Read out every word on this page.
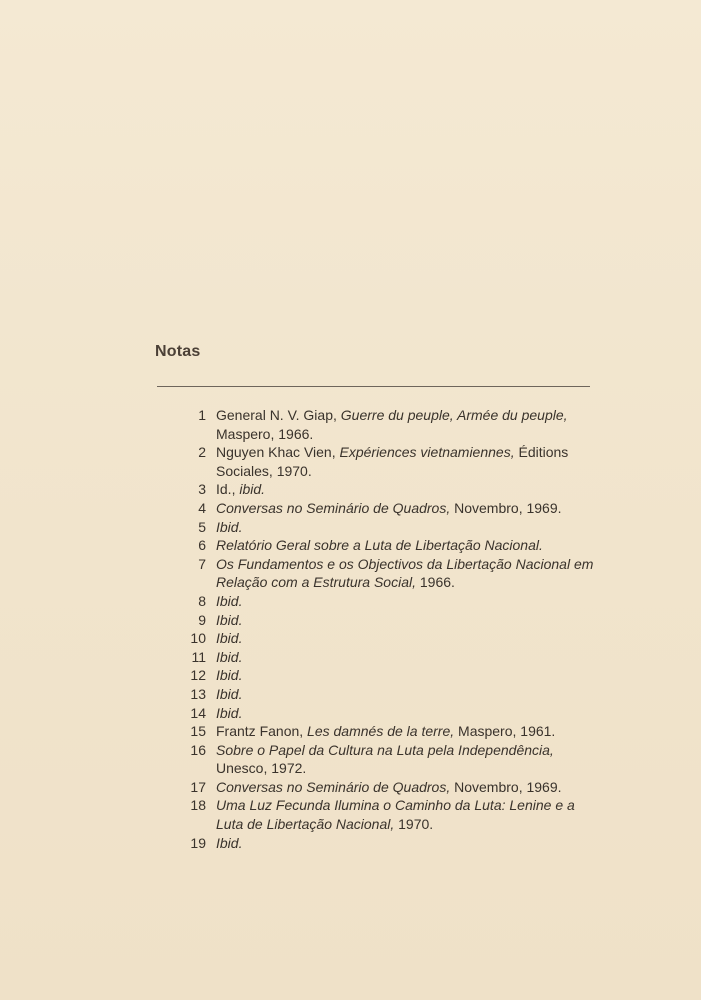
Notas
1 General N. V. Giap, Guerre du peuple, Armée du peuple, Maspero, 1966.
2 Nguyen Khac Vien, Expériences vietnamiennes, Éditions Sociales, 1970.
3 Id., ibid.
4 Conversas no Seminário de Quadros, Novembro, 1969.
5 Ibid.
6 Relatório Geral sobre a Luta de Libertação Nacional.
7 Os Fundamentos e os Objectivos da Libertação Nacional em Relação com a Estrutura Social, 1966.
8 Ibid.
9 Ibid.
10 Ibid.
11 Ibid.
12 Ibid.
13 Ibid.
14 Ibid.
15 Frantz Fanon, Les damnés de la terre, Maspero, 1961.
16 Sobre o Papel da Cultura na Luta pela Independência, Unesco, 1972.
17 Conversas no Seminário de Quadros, Novembro, 1969.
18 Uma Luz Fecunda Ilumina o Caminho da Luta: Lenine e a Luta de Libertação Nacional, 1970.
19 Ibid.
